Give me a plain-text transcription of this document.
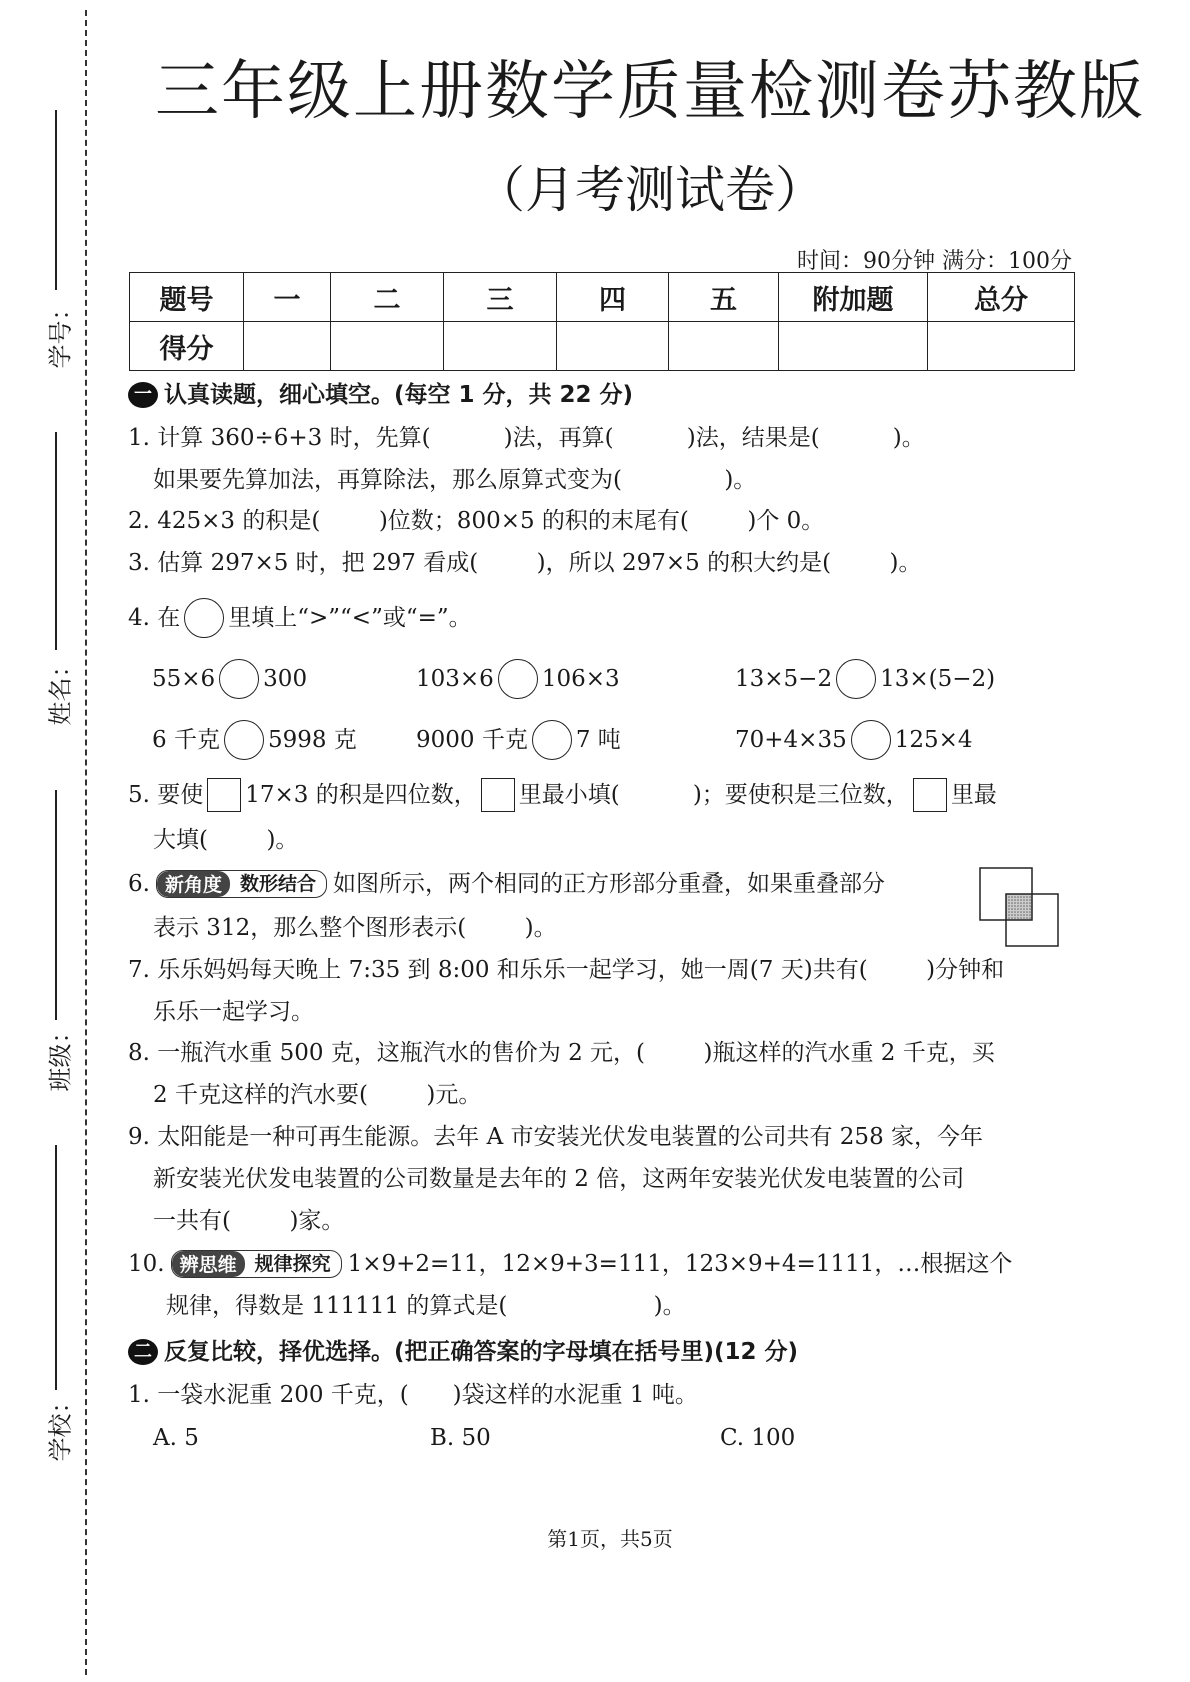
学号：
姓名：
班级：
学校：
三年级上册数学质量检测卷苏教版
（月考测试卷）
时间：90分钟 满分：100分
题号	一	二	三	四	五	附加题	总分
得分							
一 认真读题，细心填空。(每空 1 分，共 22 分)
1. 计算 360÷6+3 时，先算(          )法，再算(          )法，结果是(          )。
如果要先算加法，再算除法，那么原算式变为(              )。
2. 425×3 的积是(        )位数；800×5 的积的末尾有(        )个 0。
3. 估算 297×5 时，把 297 看成(        )，所以 297×5 的积大约是(        )。
4. 在 里填上“>”“<”或“=”。
55×6 300	103×6 106×3	13×5−2 13×(5−2)
6 千克 5998 克	9000 千克 7 吨	70+4×35 125×4
5. 要使 17×3 的积是四位数， 里最小填(          )；要使积是三位数， 里最
大填(        )。
6. 新角度 数形结合 如图所示，两个相同的正方形部分重叠，如果重叠部分
表示 312，那么整个图形表示(        )。
7. 乐乐妈妈每天晚上 7:35 到 8:00 和乐乐一起学习，她一周(7 天)共有(        )分钟和
乐乐一起学习。
8. 一瓶汽水重 500 克，这瓶汽水的售价为 2 元，(        )瓶这样的汽水重 2 千克，买
2 千克这样的汽水要(        )元。
9. 太阳能是一种可再生能源。去年 A 市安装光伏发电装置的公司共有 258 家，今年
新安装光伏发电装置的公司数量是去年的 2 倍，这两年安装光伏发电装置的公司
一共有(        )家。
10. 辨思维 规律探究 1×9+2=11，12×9+3=111，123×9+4=1111，…根据这个
规律，得数是 111111 的算式是(                    )。
二 反复比较，择优选择。(把正确答案的字母填在括号里)(12 分)
1. 一袋水泥重 200 千克，(      )袋这样的水泥重 1 吨。
A. 5	B. 50	C. 100
第1页，共5页
